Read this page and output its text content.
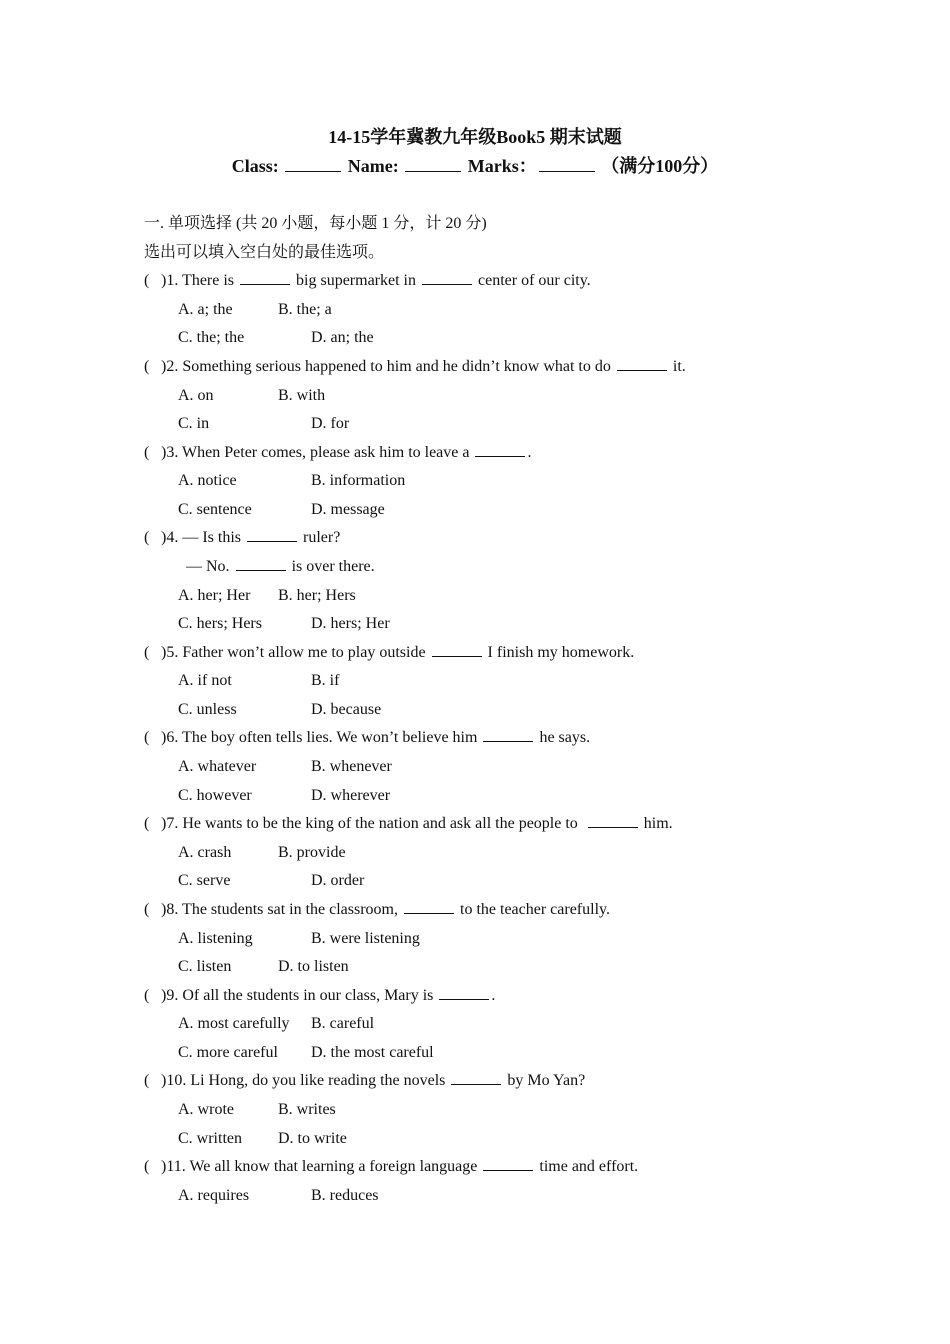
14-15学年冀教九年级Book5 期末试题
Class:	Name:	Marks：	（满分100分）
一. 单项选择 (共 20 小题，每小题 1 分，计 20 分)
选出可以填入空白处的最佳选项。
( )1. There is	big supermarket in	center of our city.
A. a; the	B. the; a
C. the; the	D. an; the
( )2. Something serious happened to him and he didn’t know what to do	it.
A. on	B. with
C. in	D. for
( )3. When Peter comes, please ask him to leave a	.
A. notice	B. information
C. sentence	D. message
( )4. — Is this	ruler?
— No.	is over there.
A. her; Her B. her; Hers
C. hers; Hers	D. hers; Her
( )5. Father won’t allow me to play outside	I finish my homework.
A. if not	B. if
C. unless	D. because
( )6. The boy often tells lies. We won’t believe him	he says.
A. whatever	B. whenever
C. however	D. wherever
( )7. He wants to be the king of the nation and ask all the people to	him.
A. crash	B. provide
C. serve	D. order
( )8. The students sat in the classroom,	to the teacher carefully.
A. listening	B. were listening
C. listen	D. to listen
( )9. Of all the students in our class, Mary is	.
A. most carefully B. careful
C. more careful D. the most careful
( )10. Li Hong, do you like reading the novels	by Mo Yan?
A. wrote	B. writes
C. written D. to write
( )11. We all know that learning a foreign language	time and effort.
A. requires	B. reduces
